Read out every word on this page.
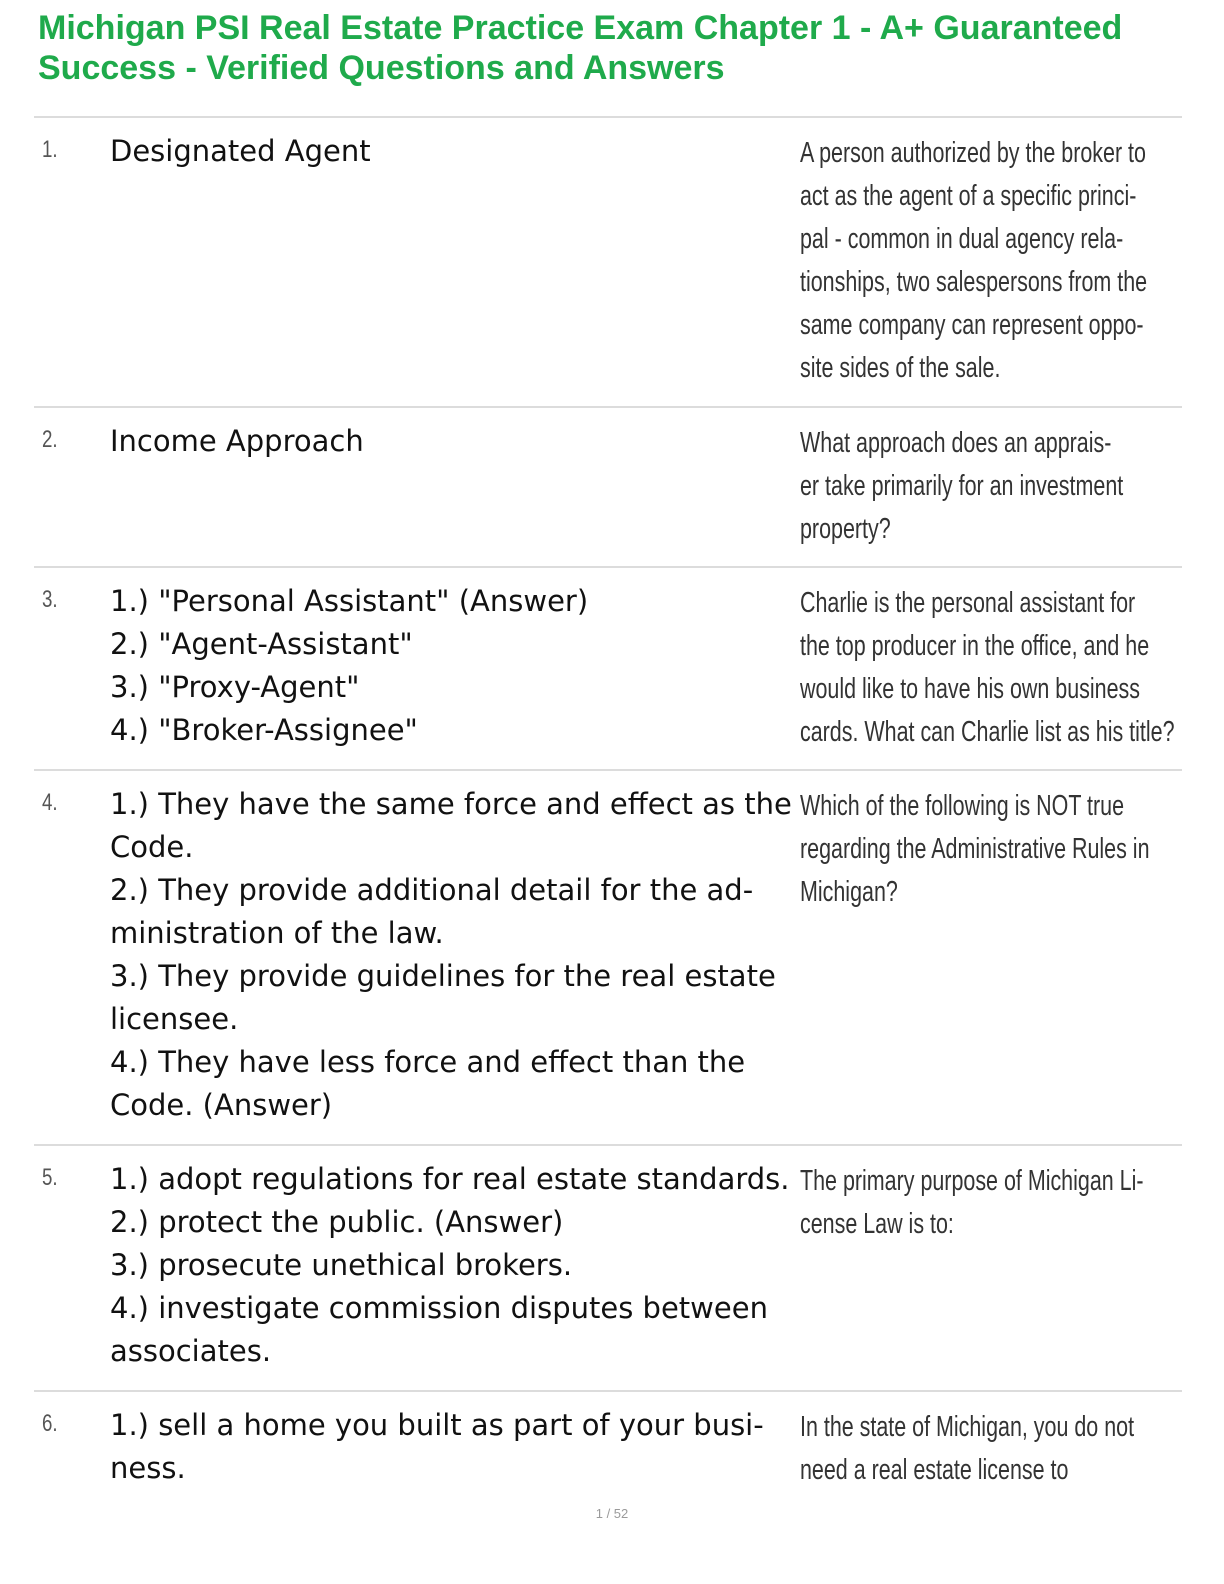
Michigan PSI Real Estate Practice Exam Chapter 1 - A+ Guaranteed
Success - Verified Questions and Answers
1. Designated Agent	A person authorized by the broker to
act as the agent of a specific princi-
pal - common in dual agency rela-
tionships, two salespersons from the
same company can represent oppo-
site sides of the sale.
2. Income Approach	What approach does an apprais-
er take primarily for an investment
property?
3. 1.) "Personal Assistant" (Answer)
2.) "Agent-Assistant"
3.) "Proxy-Agent"
4.) "Broker-Assignee"
Charlie is the personal assistant for
the top producer in the office, and he
would like to have his own business
cards. What can Charlie list as his title?
4. 1.) They have the same force and effect as the
Code.
2.) They provide additional detail for the ad-
ministration of the law.
3.) They provide guidelines for the real estate
licensee.
4.) They have less force and effect than the
Code. (Answer)
Which of the following is NOT true
regarding the Administrative Rules in
Michigan?
5. 1.) adopt regulations for real estate standards.
2.) protect the public. (Answer)
3.) prosecute unethical brokers.
4.) investigate commission disputes between
associates.
The primary purpose of Michigan Li-
cense Law is to:
6. 1.) sell a home you built as part of your busi-
ness.
In the state of Michigan, you do not
need a real estate license to
1 / 52
